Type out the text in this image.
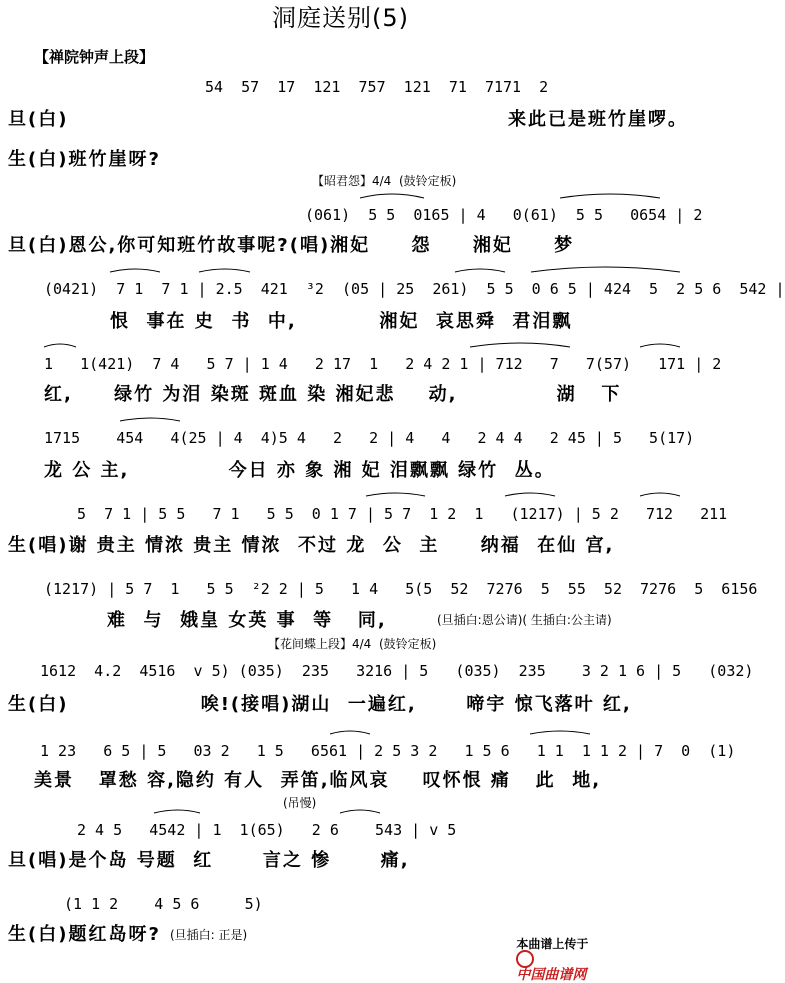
洞庭送别(5)
【禅院钟声上段】
54  57  17  121  757  121  71  7171  2
旦(白)	来此已是班竹崖啰。
生(白)班竹崖呀?
【昭君怨】4/4  (鼓铃定板)
(061)  5 5  0165 | 4   0(61)  5 5   0654 | 2
旦(白)恩公,你可知班竹故事呢?(唱)湘妃     怨     湘妃     梦
(0421)  7 1  7 1 | 2.5  421  ³2  (05 | 25  261)  5 5  0 6 5 | 424  5  2 5 6  542 |
恨  事在 史  书  中,          湘妃  哀思舜  君泪飘
1   1(421)  7 4   5 7 | 1 4   2 17  1   2 4 2 1 | 712   7   7(57)   171 | 2
红,     绿竹 为泪 染斑 斑血 染 湘妃悲    动,            湖   下
1715    454   4(25 | 4  4)5 4   2   2 | 4   4   2 4 4   2 45 | 5   5(17)
龙 公 主,            今日 亦 象 湘 妃 泪飘飘 绿竹  丛。
5  7 1 | 5 5   7 1   5 5  0 1 7 | 5 7  1 2  1   (1217) | 5 2   712   211
生(唱)谢 贵主 情浓 贵主 情浓  不过 龙  公  主     纳福  在仙 宫,
(1217) | 5 7  1   5 5  ²2 2 | 5   1 4   5(5  52  7276  5  55  52  7276  5  6156
难  与  娥皇 女英 事  等   同,	(旦插白:恩公请)( 生插白:公主请)
【花间蝶上段】4/4  (鼓铃定板)
1612  4.2  4516  v 5) (035)  235   3216 | 5   (035)  235    3 2 1 6 | 5   (032)
生(白)                唉!(接唱)湖山  一遍红,      啼宇 惊飞落叶 红,
1 23   6 5 | 5   03 2   1 5   6561 | 2 5 3 2   1 5 6   1 1  1 1 2 | 7  0  (1)
美景   罩愁 容,隐约 有人  弄笛,临风哀    叹怀恨 痛   此  地,
(吊慢)
2 4 5   4542 | 1  1(65)   2 6    543 | v 5
旦(唱)是个岛 号题  红      言之 惨      痛,
(1 1 2    4 5 6     5)
生(白)题红岛呀? (旦插白: 正是)

本曲谱上传于

中国曲谱网
